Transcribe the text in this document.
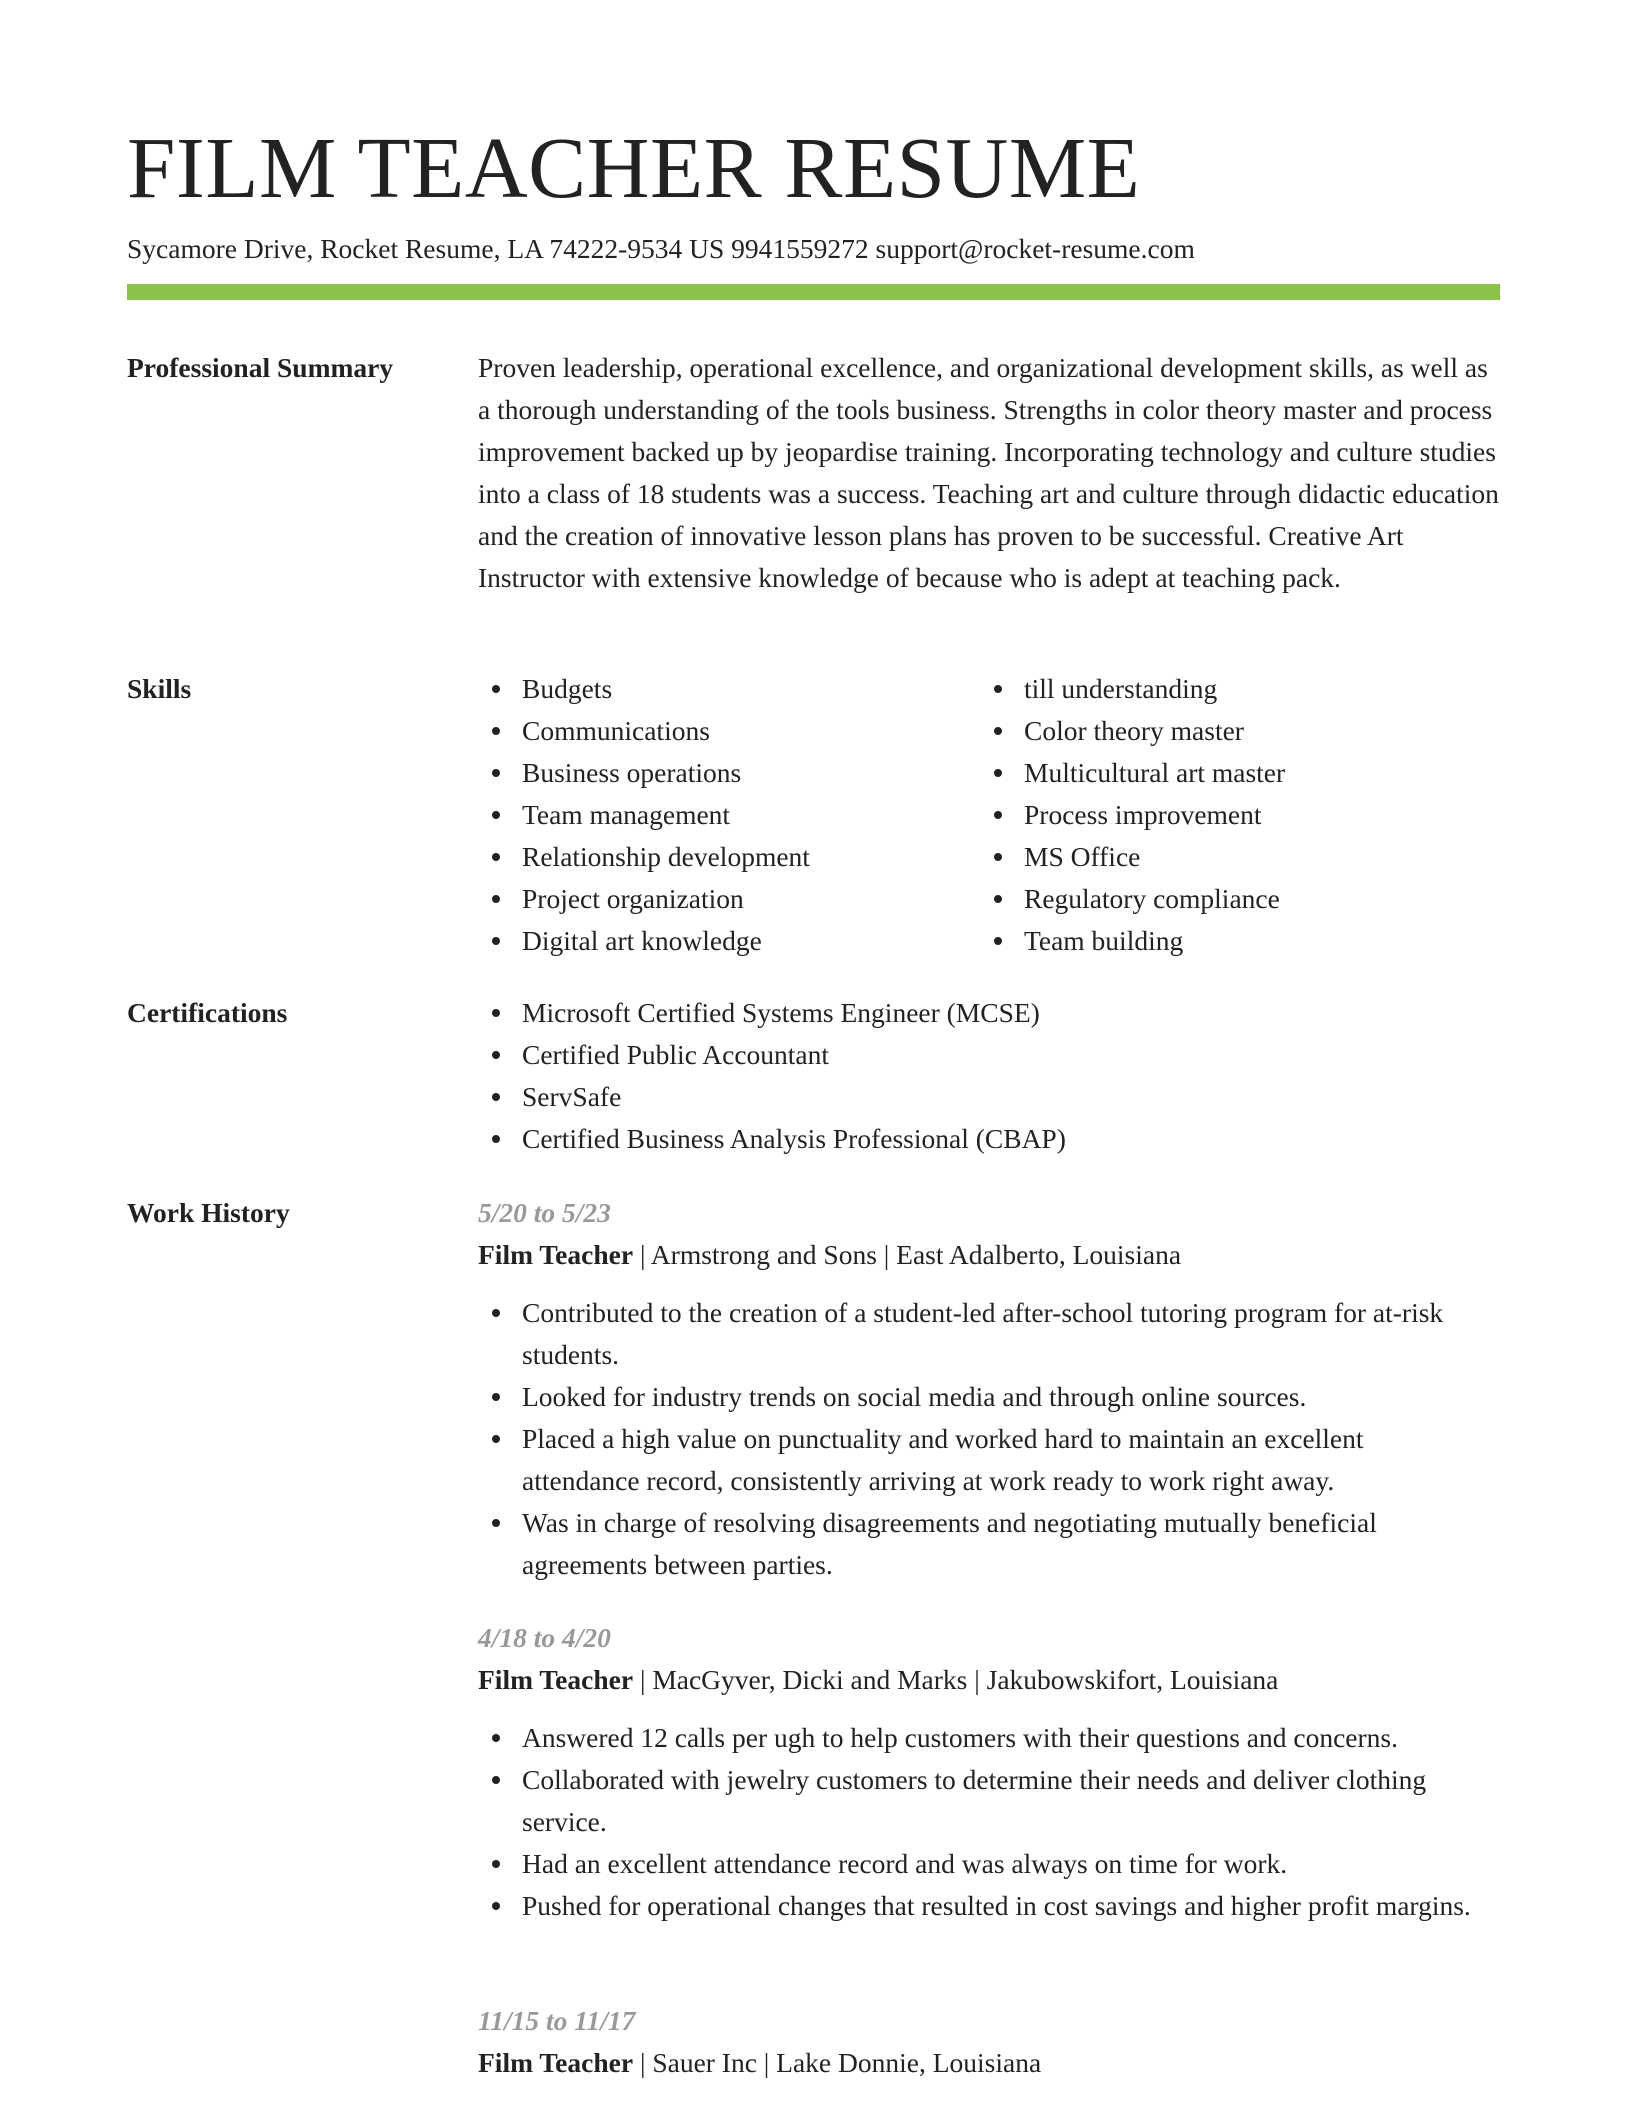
FILM TEACHER RESUME

Sycamore Drive, Rocket Resume, LA 74222-9534 US 9941559272 support@rocket-resume.com

Professional Summary	Proven leadership, operational excellence, and organizational development skills, as well as a thorough understanding of the tools business. Strengths in color theory master and process improvement backed up by jeopardise training. Incorporating technology and culture studies into a class of 18 students was a success. Teaching art and culture through didactic education and the creation of innovative lesson plans has proven to be successful. Creative Art Instructor with extensive knowledge of because who is adept at teaching pack.

Skills	Budgets
Communications
Business operations
Team management
Relationship development
Project organization
Digital art knowledge
till understanding
Color theory master
Multicultural art master
Process improvement
MS Office
Regulatory compliance
Team building
Certifications	Microsoft Certified Systems Engineer (MCSE)
Certified Public Accountant
ServSafe
Certified Business Analysis Professional (CBAP)
Work History	5/20 to 5/23

Film Teacher | Armstrong and Sons | East Adalberto, Louisiana

Contributed to the creation of a student-led after-school tutoring program for at-risk students.
Looked for industry trends on social media and through online sources.
Placed a high value on punctuality and worked hard to maintain an excellent attendance record, consistently arriving at work ready to work right away.
Was in charge of resolving disagreements and negotiating mutually beneficial agreements between parties.

4/18 to 4/20

Film Teacher | MacGyver, Dicki and Marks | Jakubowskifort, Louisiana

Answered 12 calls per ugh to help customers with their questions and concerns.
Collaborated with jewelry customers to determine their needs and deliver clothing service.
Had an excellent attendance record and was always on time for work.
Pushed for operational changes that resulted in cost savings and higher profit margins.

11/15 to 11/17

Film Teacher | Sauer Inc | Lake Donnie, Louisiana
